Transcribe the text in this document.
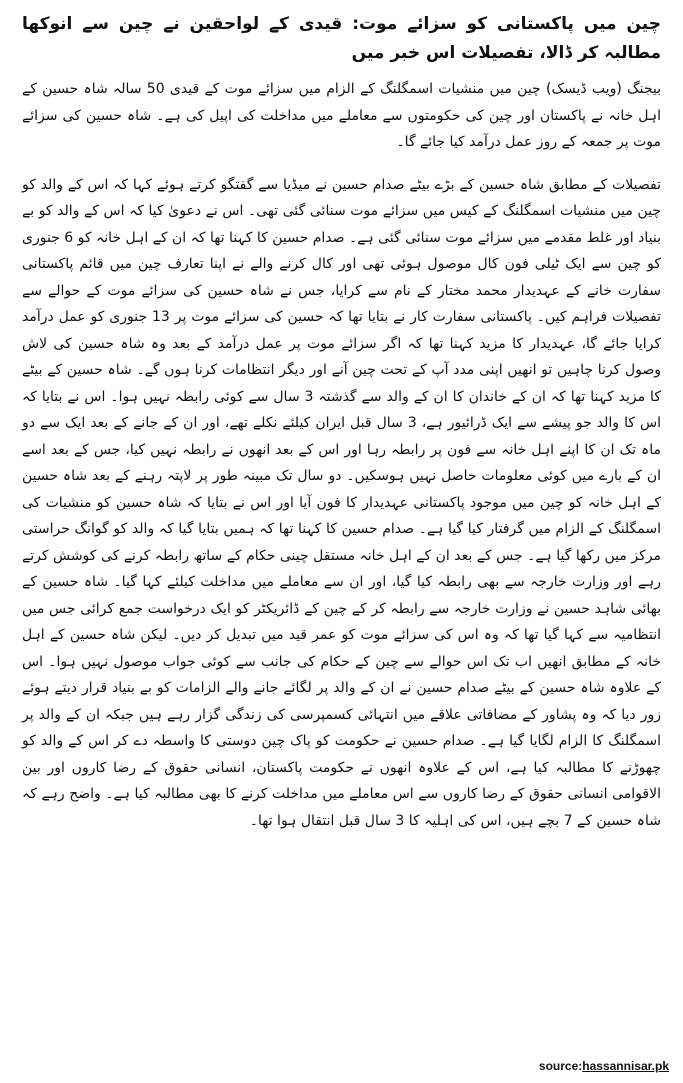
چین میں پاکستانی کو سزائے موت: قیدی کے لواحقین نے چین سے انوکھا مطالبہ کر ڈالا، تفصیلات اس خبر میں
بیجنگ (ویب ڈیسک) چین میں منشیات اسمگلنگ کے الزام میں سزائے موت کے قیدی 50 سالہ شاہ حسین کے اہل خانہ نے پاکستان اور چین کی حکومتوں سے معاملے میں مداخلت کی اپیل کی ہے۔ شاہ حسین کی سزائے موت پر جمعہ کے روز عمل درآمد کیا جائے گا۔
تفصیلات کے مطابق شاہ حسین کے بڑے بیٹے صدام حسین نے میڈیا سے گفتگو کرتے ہوئے کہا کہ اس کے والد کو چین میں منشیات اسمگلنگ کے کیس میں سزائے موت سنائی گئی تھی۔ اس نے دعویٰ کیا کہ اس کے والد کو بے بنیاد اور غلط مقدمے میں سزائے موت سنائی گئی ہے۔ صدام حسین کا کہنا تھا کہ ان کے اہل خانہ کو 6 جنوری کو چین سے ایک ٹیلی فون کال موصول ہوئی تھی اور کال کرنے والے نے اپنا تعارف چین میں قائم پاکستانی سفارت خانے کے عہدیدار محمد مختار کے نام سے کرایا، جس نے شاہ حسین کی سزائے موت کے حوالے سے تفصیلات فراہم کیں۔ پاکستانی سفارت کار نے بتایا تھا کہ حسین کی سزائے موت پر 13 جنوری کو عمل درآمد کرایا جائے گا، عہدیدار کا مزید کہنا تھا کہ اگر سزائے موت پر عمل درآمد کے بعد وہ شاہ حسین کی لاش وصول کرنا چاہیں تو انھیں اپنی مدد آپ کے تحت چین آنے اور دیگر انتظامات کرنا ہوں گے۔ شاہ حسین کے بیٹے کا مزید کہنا تھا کہ ان کے خاندان کا ان کے والد سے گذشتہ 3 سال سے کوئی رابطہ نہیں ہوا۔ اس نے بتایا کہ اس کا والد جو پیشے سے ایک ڈرائیور ہے، 3 سال قبل ایران کیلئے نکلے تھے، اور ان کے جانے کے بعد ایک سے دو ماہ تک ان کا اپنے اہل خانہ سے فون پر رابطہ رہا اور اس کے بعد انھوں نے رابطہ نہیں کیا، جس کے بعد اسے ان کے بارے میں کوئی معلومات حاصل نہیں ہوسکیں۔ دو سال تک مبینہ طور پر لاپتہ رہنے کے بعد شاہ حسین کے اہل خانہ کو چین میں موجود پاکستانی عہدیدار کا فون آیا اور اس نے بتایا کہ شاہ حسین کو منشیات کی اسمگلنگ کے الزام میں گرفتار کیا گیا ہے۔ صدام حسین کا کہنا تھا کہ ہمیں بتایا گیا کہ والد کو گوانگ حراستی مرکز میں رکھا گیا ہے۔ جس کے بعد ان کے اہل خانہ مستقل چینی حکام کے ساتھ رابطہ کرنے کی کوشش کرتے رہے اور وزارت خارجہ سے بھی رابطہ کیا گیا، اور ان سے معاملے میں مداخلت کیلئے کہا گیا۔ شاہ حسین کے بھائی شاہد حسین نے وزارت خارجہ سے رابطہ کر کے چین کے ڈائریکٹر کو ایک درخواست جمع کرائی جس میں انتظامیہ سے کہا گیا تھا کہ وہ اس کی سزائے موت کو عمر قید میں تبدیل کر دیں۔ لیکن شاہ حسین کے اہل خانہ کے مطابق انھیں اب تک اس حوالے سے چین کے حکام کی جانب سے کوئی جواب موصول نہیں ہوا۔ اس کے علاوہ شاہ حسین کے بیٹے صدام حسین نے ان کے والد پر لگائے جانے والے الزامات کو بے بنیاد قرار دیتے ہوئے زور دیا کہ وہ پشاور کے مضافاتی علاقے میں انتہائی کسمپرسی کی زندگی گزار رہے ہیں جبکہ ان کے والد پر اسمگلنگ کا الزام لگایا گیا ہے۔ صدام حسین نے حکومت کو پاک چین دوستی کا واسطہ دے کر اس کے والد کو چھوڑنے کا مطالبہ کیا ہے، اس کے علاوہ انھوں نے حکومت پاکستان، انسانی حقوق کے رضا کاروں اور بین الاقوامی انسانی حقوق کے رضا کاروں سے اس معاملے میں مداخلت کرنے کا بھی مطالبہ کیا ہے۔ واضح رہے کہ شاہ حسین کے 7 بچے ہیں، اس کی اہلیہ کا 3 سال قبل انتقال ہوا تھا۔
source:hassannisar.pk
